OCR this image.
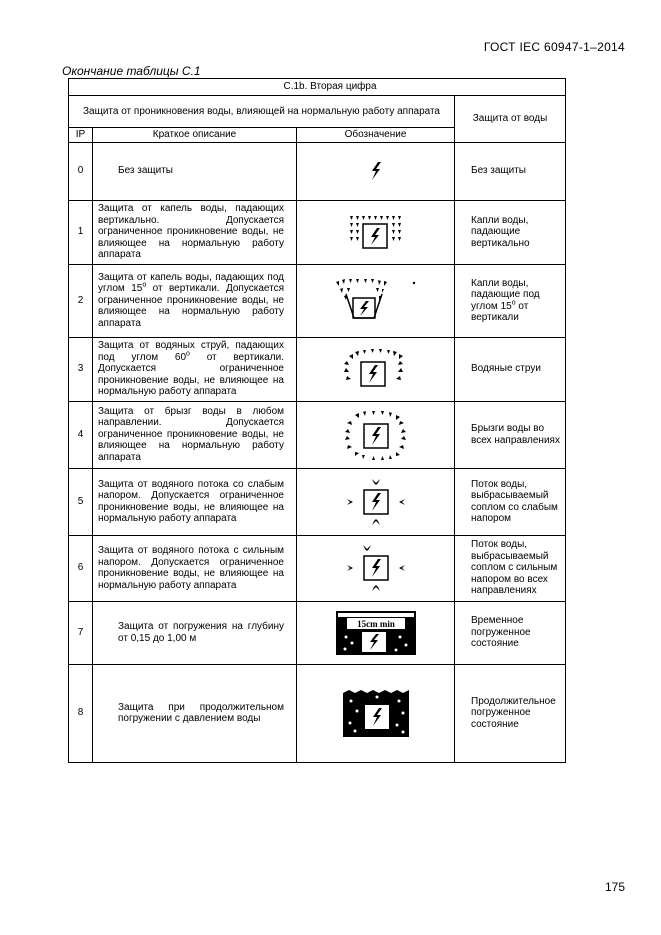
ГОСТ IEC 60947-1–2014
Окончание таблицы С.1
С.1b. Вторая цифра			
Защита от проникновения воды, влияющей на нормальную работу аппарата			Защита от воды
IP	Краткое описание	Обозначение	
0	Без защиты		Без защиты
1	Защита от капель воды, падающих вертикально. Допускается ограниченное проникновение воды, не влияющее на нормальную работу аппарата		Капли воды, падающие вертикально
2	Защита от капель воды, падающих под углом $15^о$ от вертикали. Допускается ограниченное проникновение воды, не влияющее на нормальную работу аппарата		Капли воды, падающие под углом $15^о$ от вертикали
3	Защита от водяных струй, падающих под углом $60^о$ от вертикали. Допускается ограниченное проникновение воды, не влияющее на нормальную работу аппарата		Водяные струи
4	Защита от брызг воды в любом направлении. Допускается ограниченное проникновение воды, не влияющее на нормальную работу аппарата		Брызги воды во всех направлениях
5	Защита от водяного потока со слабым напором. Допускается ограниченное проникновение воды, не влияющее на нормальную работу аппарата		Поток воды, выбрасываемый соплом со слабым напором
6	Защита от водяного потока с сильным напором. Допускается ограниченное проникновение воды, не влияющее на нормальную работу аппарата		Поток воды, выбрасываемый соплом с сильным напором во всех направлениях
7	Защита от погружения на глубину от 0,15 до 1,00 м	15cm min	Временное погруженное состояние
8	Защита при продолжительном погружении с давлением воды		Продолжительное погруженное состояние
175
